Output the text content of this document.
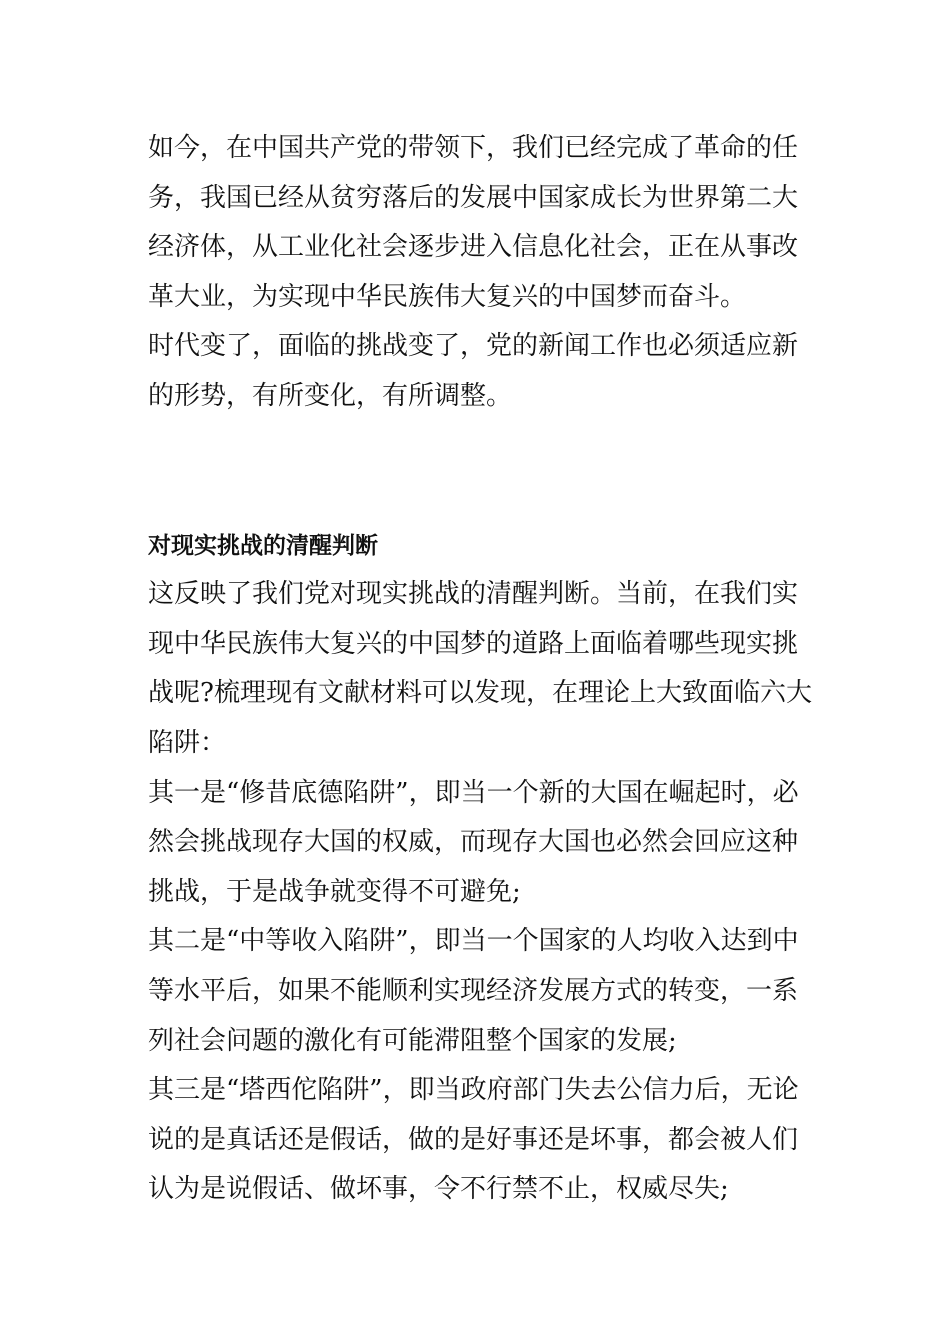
如今，在中国共产党的带领下，我们已经完成了革命的任
务，我国已经从贫穷落后的发展中国家成长为世界第二大
经济体，从工业化社会逐步进入信息化社会，正在从事改
革大业，为实现中华民族伟大复兴的中国梦而奋斗。

时代变了，面临的挑战变了，党的新闻工作也必须适应新
的形势，有所变化，有所调整。

对现实挑战的清醒判断

这反映了我们党对现实挑战的清醒判断。当前，在我们实
现中华民族伟大复兴的中国梦的道路上面临着哪些现实挑
战呢?梳理现有文献材料可以发现，在理论上大致面临六大
陷阱：

其一是“修昔底德陷阱”，即当一个新的大国在崛起时，必
然会挑战现存大国的权威，而现存大国也必然会回应这种
挑战，于是战争就变得不可避免;

其二是“中等收入陷阱”，即当一个国家的人均收入达到中
等水平后，如果不能顺利实现经济发展方式的转变，一系
列社会问题的激化有可能滞阻整个国家的发展;

其三是“塔西佗陷阱”，即当政府部门失去公信力后，无论
说的是真话还是假话，做的是好事还是坏事，都会被人们
认为是说假话、做坏事，令不行禁不止，权威尽失;
